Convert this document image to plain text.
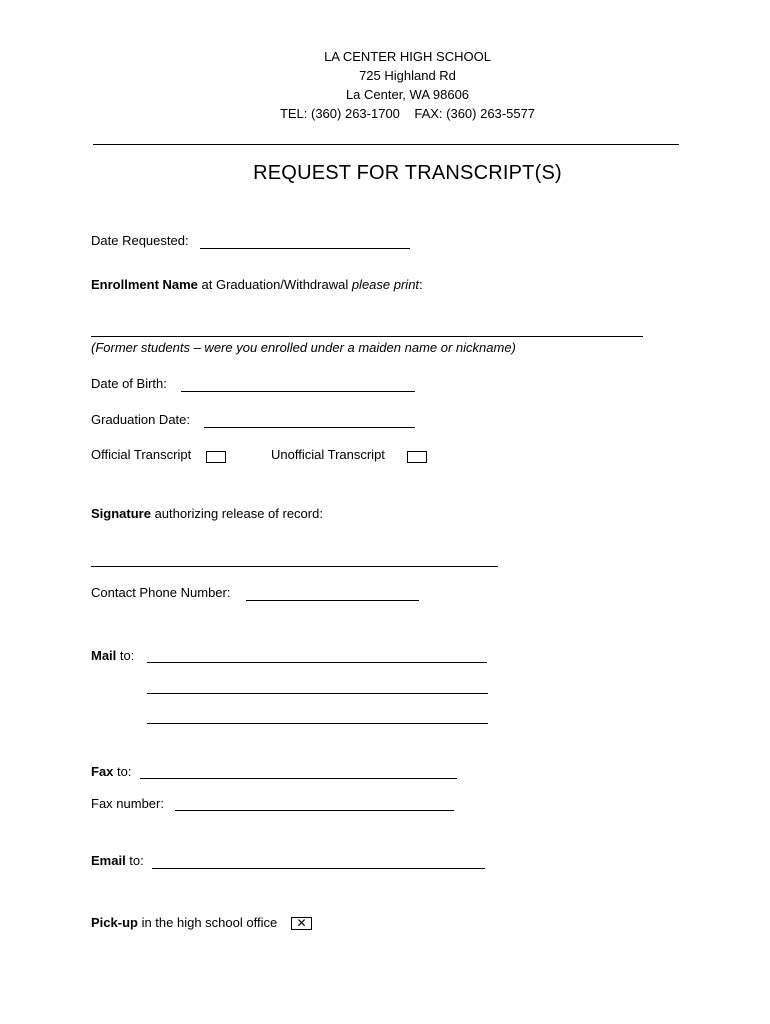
LA CENTER HIGH SCHOOL
725 Highland Rd
La Center, WA 98606
TEL: (360) 263-1700    FAX: (360) 263-5577
REQUEST FOR TRANSCRIPT(S)
Date Requested:
Enrollment Name at Graduation/Withdrawal please print:
(Former students – were you enrolled under a maiden name or nickname)
Date of Birth:
Graduation Date:
Official Transcript	Unofficial Transcript
Signature authorizing release of record:
Contact Phone Number:
Mail to:
Fax to:
Fax number:
Email to:
Pick-up in the high school office	✕
